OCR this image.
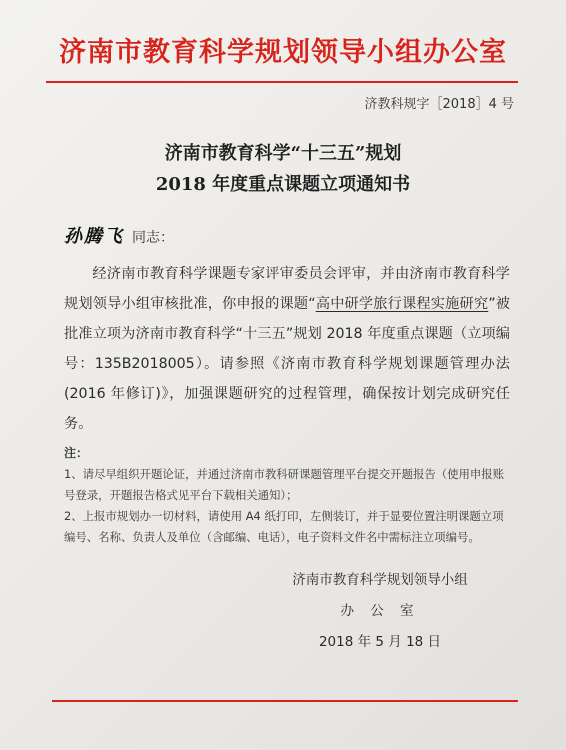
济南市教育科学规划领导小组办公室
济教科规字［2018］4 号
济南市教育科学“十三五”规划
2018 年度重点课题立项通知书
孙腾飞 同志：
经济南市教育科学课题专家评审委员会评审，并由济南市教育科学规划领导小组审核批准，你申报的课题“高中研学旅行课程实施研究”被批准立项为济南市教育科学“十三五”规划 2018 年度重点课题（立项编号：135B2018005）。请参照《济南市教育科学规划课题管理办法(2016 年修订)》，加强课题研究的过程管理，确保按计划完成研究任务。
注：

1、请尽早组织开题论证，并通过济南市教科研课题管理平台提交开题报告（使用申报账号登录，开题报告格式见平台下载相关通知）；

2、上报市规划办一切材料，请使用 A4 纸打印，左侧装订，并于显要位置注明课题立项编号、名称、负责人及单位（含邮编、电话），电子资料文件名中需标注立项编号。

济南市教育科学规划领导小组
办 公 室
2018 年 5 月 18 日
